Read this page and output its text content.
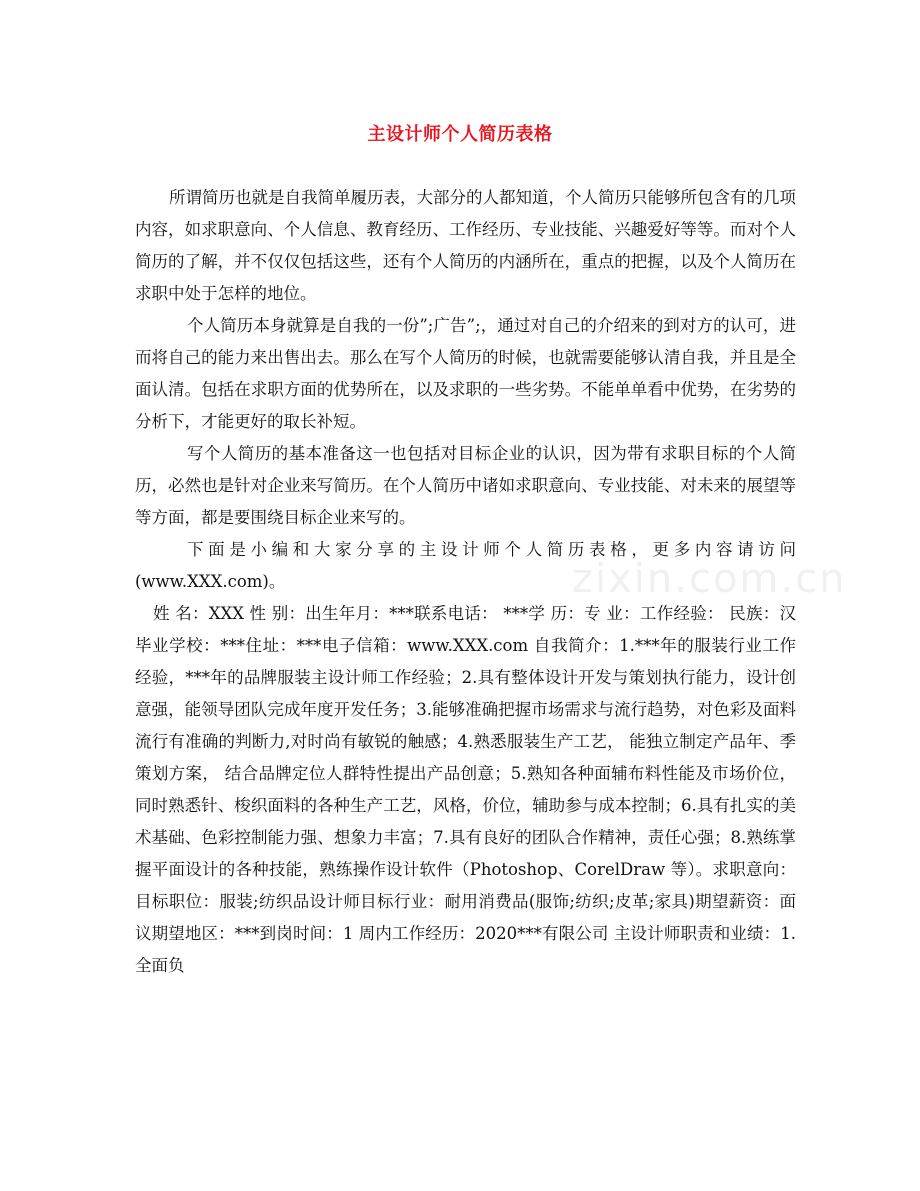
主设计师个人简历表格
zixin.com.cn

所谓简历也就是自我简单履历表，大部分的人都知道，个人简历只能够所包含有的几项内容，如求职意向、个人信息、教育经历、工作经历、专业技能、兴趣爱好等等。而对个人简历的了解，并不仅仅包括这些，还有个人简历的内涵所在，重点的把握，以及个人简历在求职中处于怎样的地位。

个人简历本身就算是自我的一份”;广告”;，通过对自己的介绍来的到对方的认可，进而将自己的能力来出售出去。那么在写个人简历的时候，也就需要能够认清自我，并且是全面认清。包括在求职方面的优势所在，以及求职的一些劣势。不能单单看中优势，在劣势的分析下，才能更好的取长补短。

写个人简历的基本准备这一也包括对目标企业的认识，因为带有求职目标的个人简历，必然也是针对企业来写简历。在个人简历中诸如求职意向、专业技能、对未来的展望等等方面，都是要围绕目标企业来写的。

下面是小编和大家分享的主设计师个人简历表格，更多内容请访问(www.XXX.com)。

姓 名：XXX 性 别：出生年月：***联系电话： ***学 历：专 业：工作经验： 民族：汉毕业学校：***住址：***电子信箱：www.XXX.com 自我简介：1.***年的服装行业工作经验，***年的品牌服装主设计师工作经验；2.具有整体设计开发与策划执行能力，设计创意强，能领导团队完成年度开发任务；3.能够准确把握市场需求与流行趋势，对色彩及面料流行有准确的判断力,对时尚有敏锐的触感；4.熟悉服装生产工艺， 能独立制定产品年、季策划方案， 结合品牌定位人群特性提出产品创意；5.熟知各种面辅布料性能及市场价位，同时熟悉针、梭织面料的各种生产工艺，风格，价位，辅助参与成本控制；6.具有扎实的美术基础、色彩控制能力强、想象力丰富；7.具有良好的团队合作精神，责任心强；8.熟练掌握平面设计的各种技能，熟练操作设计软件（Photoshop、CorelDraw 等）。求职意向：目标职位：服装;纺织品设计师目标行业：耐用消费品(服饰;纺织;皮革;家具)期望薪资：面议期望地区：***到岗时间：1 周内工作经历：2020***有限公司 主设计师职责和业绩：1.全面负
